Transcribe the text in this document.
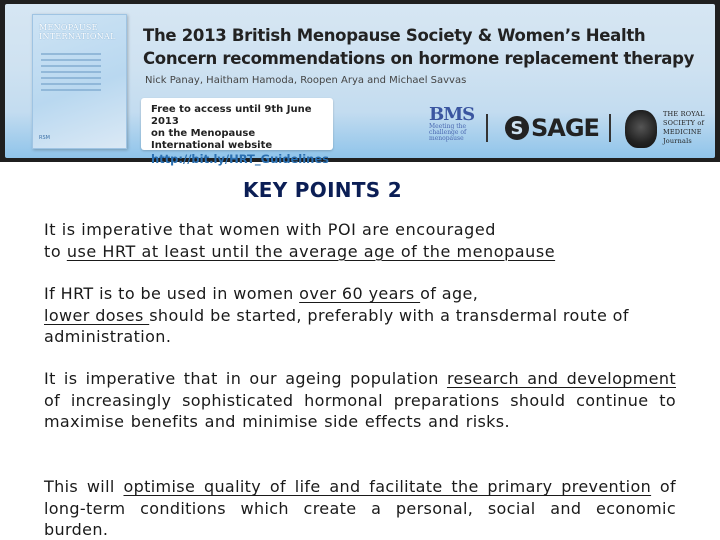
MENOPAUSE
INTERNATIONAL
RSM
The 2013 British Menopause Society & Women’s Health
Concern recommendations on hormone replacement therapy
Nick Panay, Haitham Hamoda, Roopen Arya and Michael Savvas
Free to access until 9th June 2013
on the Menopause International website
http://bit.ly/HRT_Guidelines
BMS
Meeting the
challenge of
menopause	S SAGE	THE ROYAL
SOCIETY of
MEDICINE
Journals
KEY POINTS 2
It is imperative that women with POI are encouraged
to use HRT at least until the average age of the menopause
If HRT is to be used in women over 60 years of age,
lower doses should be started, preferably with a transdermal route of administration.
It is imperative that in our ageing population research and development of increasingly sophisticated hormonal preparations should continue to maximise benefits and minimise side effects and risks.
This will optimise quality of life and facilitate the primary prevention of long-term conditions which create a personal, social and economic burden.
